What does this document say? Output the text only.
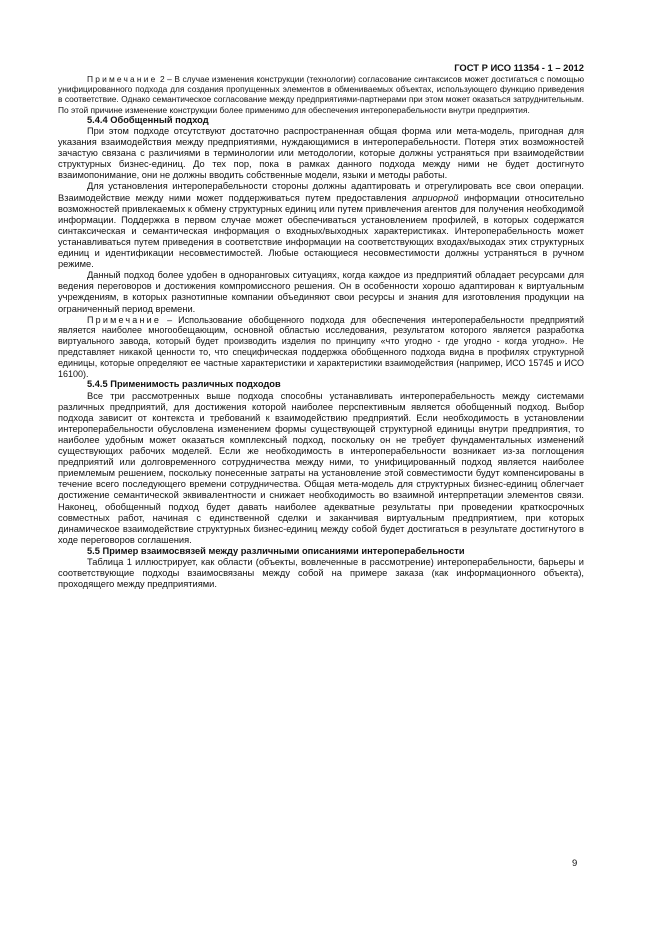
ГОСТ Р ИСО 11354 - 1 – 2012

Примечание 2 – В случае изменения конструкции (технологии) согласование синтаксисов может достигаться с помощью унифицированного подхода для создания пропущенных элементов в обмениваемых объектах, использующего функцию приведения в соответствие. Однако семантическое согласование между предприятиями-партнерами при этом может оказаться затруднительным. По этой причине изменение конструкции более применимо для обеспечения интероперабельности внутри предприятия.

5.4.4 Обобщенный подход

При этом подходе отсутствуют достаточно распространенная общая форма или мета-модель, пригодная для указания взаимодействия между предприятиями, нуждающимися в интероперабельности. Потеря этих возможностей зачастую связана с различиями в терминологии или методологии, которые должны устраняться при взаимодействии структурных бизнес-единиц. До тех пор, пока в рамках данного подхода между ними не будет достигнуто взаимопонимание, они не должны вводить собственные модели, языки и методы работы.

Для установления интероперабельности стороны должны адаптировать и отрегулировать все свои операции. Взаимодействие между ними может поддерживаться путем предоставления априорной информации относительно возможностей привлекаемых к обмену структурных единиц или путем привлечения агентов для получения необходимой информации. Поддержка в первом случае может обеспечиваться установлением профилей, в которых содержатся синтаксическая и семантическая информация о входных/выходных характеристиках. Интероперабельность может устанавливаться путем приведения в соответствие информации на соответствующих входах/выходах этих структурных единиц и идентификации несовместимостей. Любые остающиеся несовместимости должны устраняться в ручном режиме.

Данный подход более удобен в одноранговых ситуациях, когда каждое из предприятий обладает ресурсами для ведения переговоров и достижения компромиссного решения. Он в особенности хорошо адаптирован к виртуальным учреждениям, в которых разнотипные компании объединяют свои ресурсы и знания для изготовления продукции на ограниченный период времени.

Примечание – Использование обобщенного подхода для обеспечения интероперабельности предприятий является наиболее многообещающим, основной областью исследования, результатом которого является разработка виртуального завода, который будет производить изделия по принципу «что угодно - где угодно - когда угодно». Не представляет никакой ценности то, что специфическая поддержка обобщенного подхода видна в профилях структурной единицы, которые определяют ее частные характеристики и характеристики взаимодействия (например, ИСО 15745 и ИСО 16100).

5.4.5 Применимость различных подходов

Все три рассмотренных выше подхода способны устанавливать интероперабельность между системами различных предприятий, для достижения которой наиболее перспективным является обобщенный подход. Выбор подхода зависит от контекста и требований к взаимодействию предприятий. Если необходимость в установлении интероперабельности обусловлена изменением формы существующей структурной единицы внутри предприятия, то наиболее удобным может оказаться комплексный подход, поскольку он не требует фундаментальных изменений существующих рабочих моделей. Если же необходимость в интероперабельности возникает из-за поглощения предприятий или долговременного сотрудничества между ними, то унифицированный подход является наиболее приемлемым решением, поскольку понесенные затраты на установление этой совместимости будут компенсированы в течение всего последующего времени сотрудничества. Общая мета-модель для структурных бизнес-единиц облегчает достижение семантической эквивалентности и снижает необходимость во взаимной интерпретации элементов связи. Наконец, обобщенный подход будет давать наиболее адекватные результаты при проведении краткосрочных совместных работ, начиная с единственной сделки и заканчивая виртуальным предприятием, при которых динамическое взаимодействие структурных бизнес-единиц между собой будет достигаться в результате достигнутого в ходе переговоров соглашения.

5.5 Пример взаимосвязей между различными описаниями интероперабельности

Таблица 1 иллюстрирует, как области (объекты, вовлеченные в рассмотрение) интероперабельности, барьеры и соответствующие подходы взаимосвязаны между собой на примере заказа (как информационного объекта), проходящего между предприятиями.

9
